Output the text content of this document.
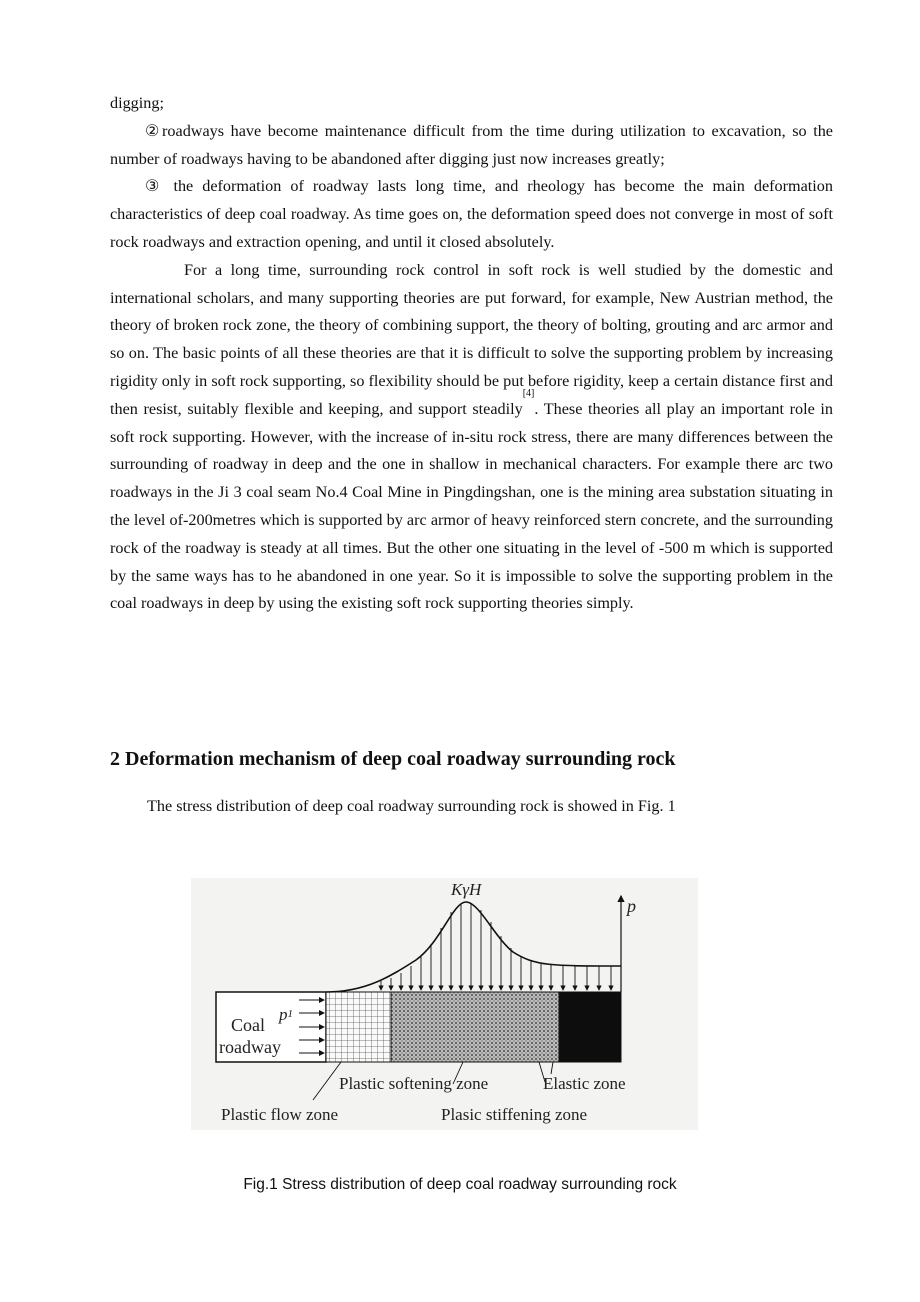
digging;

②roadways have become maintenance difficult from the time during utilization to excavation, so the number of roadways having to be abandoned after digging just now increases greatly;

③ the deformation of roadway lasts long time, and rheology has become the main deformation characteristics of deep coal roadway. As time goes on, the deformation speed does not converge in most of soft rock roadways and extraction opening, and until it closed absolutely.

For a long time, surrounding rock control in soft rock is well studied by the domestic and international scholars, and many supporting theories are put forward, for example, New Austrian method, the theory of broken rock zone, the theory of combining support, the theory of bolting, grouting and arc armor and so on. The basic points of all these theories are that it is difficult to solve the supporting problem by increasing rigidity only in soft rock supporting, so flexibility should be put before rigidity, keep a certain distance first and then resist, suitably flexible and keeping, and support steadily[4]. These theories all play an important role in soft rock supporting. However, with the increase of in-situ rock stress, there are many differences between the surrounding of roadway in deep and the one in shallow in mechanical characters. For example there arc two roadways in the Ji 3 coal seam No.4 Coal Mine in Pingdingshan, one is the mining area substation situating in the level of-200metres which is supported by arc armor of heavy reinforced stern concrete, and the surrounding rock of the roadway is steady at all times. But the other one situating in the level of -500 m which is supported by the same ways has to he abandoned in one year. So it is impossible to solve the supporting problem in the coal roadways in deep by using the existing soft rock supporting theories simply.

2 Deformation mechanism of deep coal roadway surrounding rock
The stress distribution of deep coal roadway surrounding rock is showed in Fig. 1
KγH
p
p1
Coal
roadway
Plastic softening zone	Elastic zone
Plastic flow zone	Plasic stiffening zone
Fig.1 Stress distribution of deep coal roadway surrounding rock
